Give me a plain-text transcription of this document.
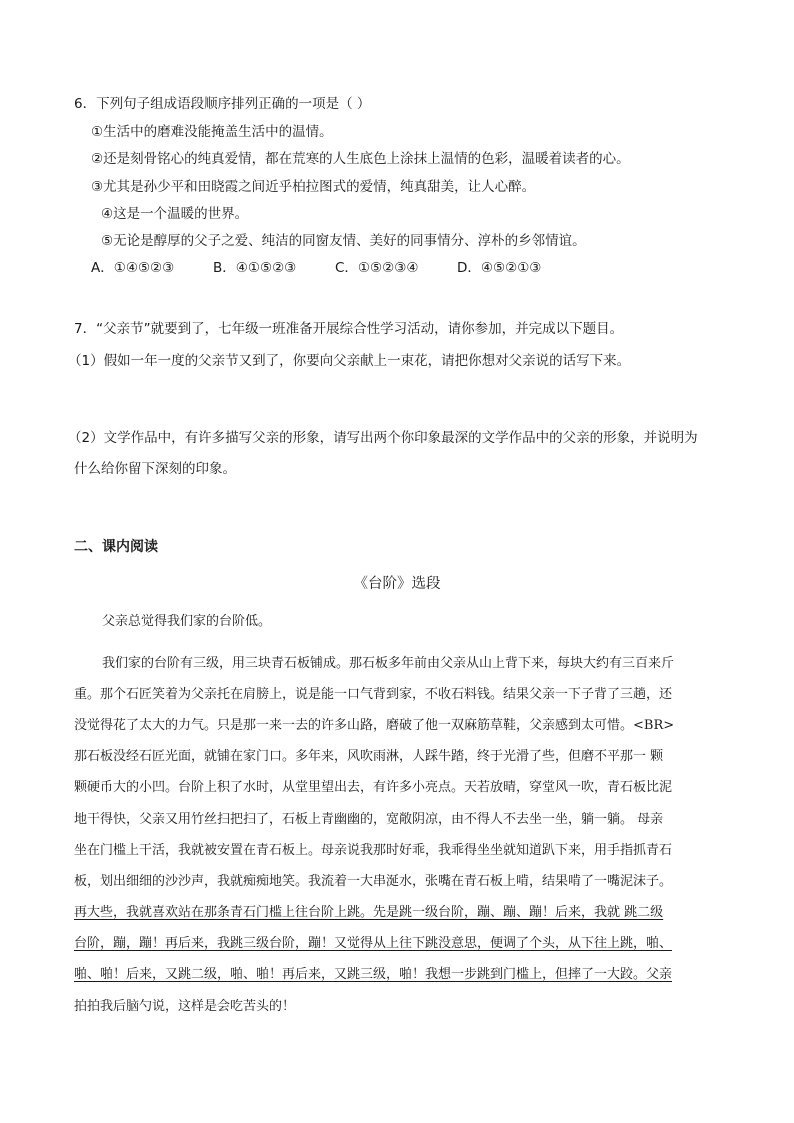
6．下列句子组成语段顺序排列正确的一项是（ ）
①生活中的磨难没能掩盖生活中的温情。
②还是刻骨铭心的纯真爱情，都在荒寒的人生底色上涂抹上温情的色彩，温暖着读者的心。
③尤其是孙少平和田晓霞之间近乎柏拉图式的爱情，纯真甜美，让人心醉。
④这是一个温暖的世界。
⑤无论是醇厚的父子之爱、纯洁的同窗友情、美好的同事情分、淳朴的乡邻情谊。
A．①④⑤②③	B．④①⑤②③	C．①⑤②③④	D．④⑤②①③
7．“父亲节”就要到了，七年级一班准备开展综合性学习活动，请你参加，并完成以下题目。
（1）假如一年一度的父亲节又到了，你要向父亲献上一束花，请把你想对父亲说的话写下来。
（2）文学作品中，有许多描写父亲的形象，请写出两个你印象最深的文学作品中的父亲的形象，并说明为
什么给你留下深刻的印象。
二、课内阅读
《台阶》选段
父亲总觉得我们家的台阶低。
我们家的台阶有三级，用三块青石板铺成。那石板多年前由父亲从山上背下来，每块大约有三百来斤
重。那个石匠笑着为父亲托在肩膀上，说是能一口气背到家，不收石料钱。结果父亲一下子背了三趟，还
没觉得花了太大的力气。只是那一来一去的许多山路，磨破了他一双麻筋草鞋，父亲感到太可惜。<BR>
那石板没经石匠光面，就铺在家门口。多年来，风吹雨淋，人踩牛踏，终于光滑了些，但磨不平那一 颗
颗硬币大的小凹。台阶上积了水时，从堂里望出去，有许多小亮点。天若放晴，穿堂风一吹，青石板比泥
地干得快，父亲又用竹丝扫把扫了，石板上青幽幽的，宽敞阴凉，由不得人不去坐一坐，躺一躺。 母亲
坐在门槛上干活，我就被安置在青石板上。母亲说我那时好乖，我乖得坐坐就知道趴下来，用手指抓青石
板，划出细细的沙沙声，我就痴痴地笑。我流着一大串涎水，张嘴在青石板上啃，结果啃了一嘴泥沫子。
再大些，我就喜欢站在那条青石门槛上往台阶上跳。先是跳一级台阶，蹦、蹦、蹦！后来，我就 跳二级
台阶，蹦，蹦！再后来，我跳三级台阶，蹦！又觉得从上往下跳没意思，便调了个头，从下往上跳，啪、
啪、啪！后来，又跳二级，啪、啪！再后来，又跳三级，啪！我想一步跳到门槛上，但摔了一大跤。父亲
拍拍我后脑勺说，这样是会吃苦头的！
